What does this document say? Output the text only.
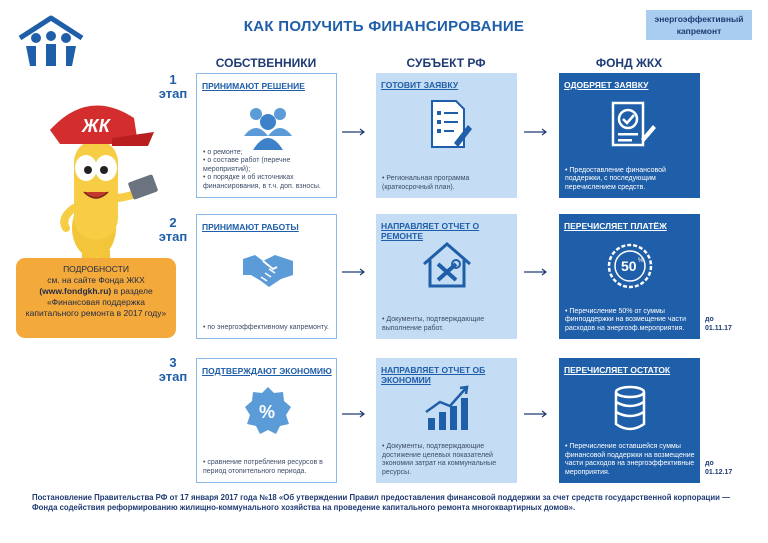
КАК ПОЛУЧИТЬ ФИНАНСИРОВАНИЕ	энергоэффективный
капремонт
СОБСТВЕННИКИ	СУБЪЕКТ РФ	ФОНД ЖКХ
ЖК
ПОДРОБНОСТИ
см. на сайте Фонда ЖКХ
(www.fondgkh.ru) в разделе
«Финансовая поддержка капитального ремонта в 2017 году»
1
этап	ПРИНИМАЮТ РЕШЕНИЕ
• о ремонте;
• о составе работ (перечне мероприятий);
• о порядке и об источниках финансирования, в т.ч. доп. взносы.
ГОТОВИТ ЗАЯВКУ
• Региональная программа (краткосрочный план).
ОДОБРЯЕТ ЗАЯВКУ
• Предоставление финансовой поддержки, с последующим перечислением средств.
2
этап
ПРИНИМАЮТ РАБОТЫ
• по энергоэффективному капремонту.
НАПРАВЛЯЕТ ОТЧЕТ О РЕМОНТЕ
• Документы, подтверждающие выполнение работ.
ПЕРЕЧИСЛЯЕТ ПЛАТЁЖ
50 %
• Перечисление 50% от суммы финподдержки на возмещение части расходов на энергоэф.мероприятия.
до
01.11.17
3
этап	ПОДТВЕРЖДАЮТ ЭКОНОМИЮ
%
• сравнение потребления ресурсов в период отопительного периода.
НАПРАВЛЯЕТ ОТЧЕТ ОБ ЭКОНОМИИ
• Документы, подтверждающие достижение целевых показателей экономии затрат на коммунальные ресурсы.
ПЕРЕЧИСЛЯЕТ ОСТАТОК
• Перечисление оставшейся суммы финансовой поддержки на возмещение части расходов на энергоэффективные мероприятия.
до
01.12.17
Постановление Правительства РФ от 17 января 2017 года №18 «Об утверждении Правил предоставления финансовой поддержки за счет средств государственной корпорации — Фонда содействия реформированию жилищно-коммунального хозяйства на проведение капитального ремонта многоквартирных домов».
